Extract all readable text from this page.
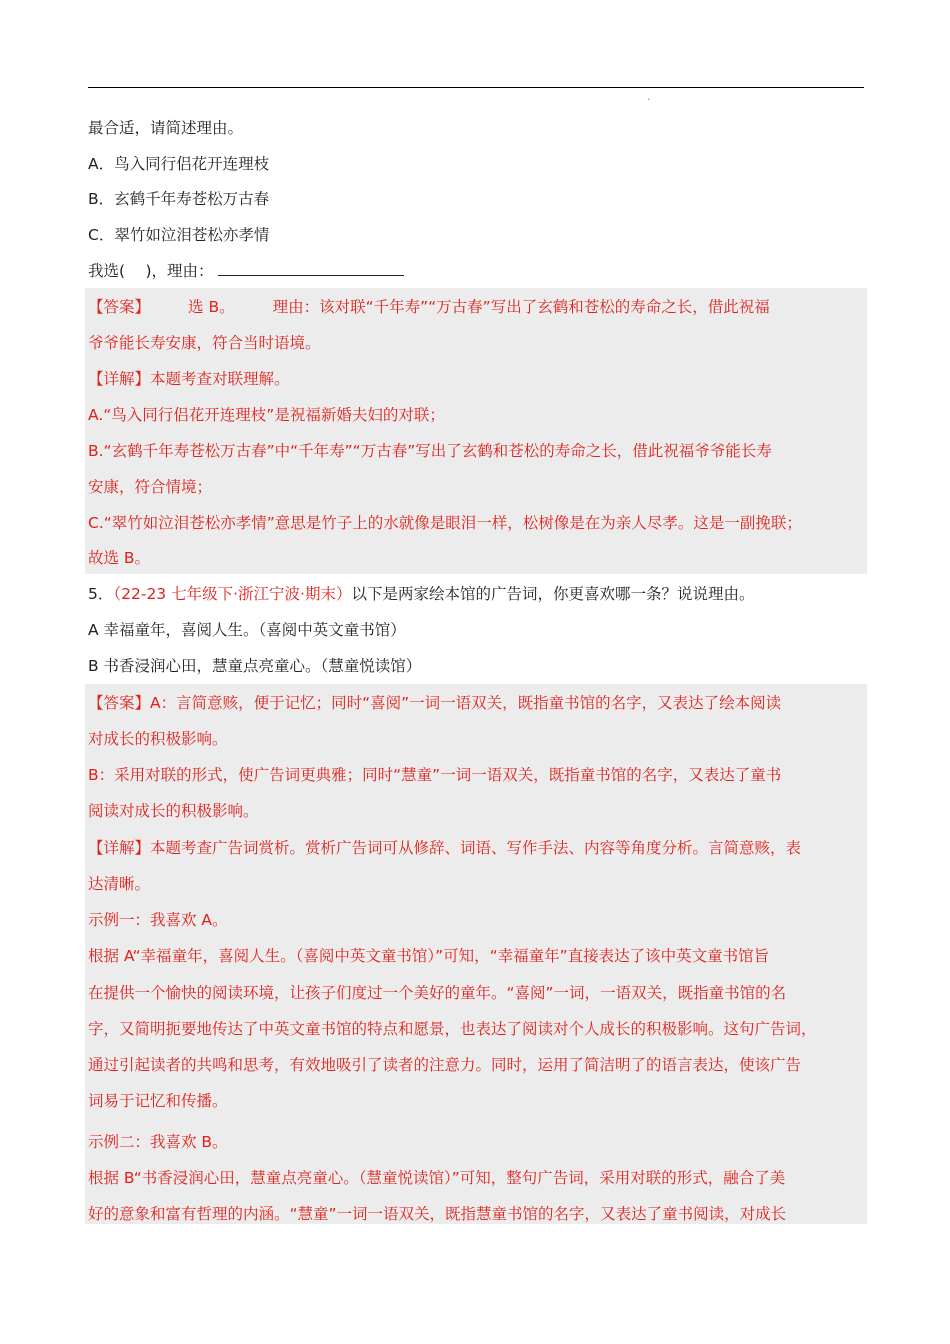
`
最合适，请简述理由。
A．鸟入同行侣花开连理枝
B．玄鹤千年寿苍松万古春
C．翠竹如泣泪苍松亦孝情
我选(　 )，理由：
【答案】 选 B。 理由：该对联“千年寿”“万古春”写出了玄鹤和苍松的寿命之长，借此祝福
爷爷能长寿安康，符合当时语境。
【详解】本题考查对联理解。
A.“鸟入同行侣花开连理枝”是祝福新婚夫妇的对联；
B.“玄鹤千年寿苍松万古春”中“千年寿”“万古春”写出了玄鹤和苍松的寿命之长，借此祝福爷爷能长寿
安康，符合情境；
C.“翠竹如泣泪苍松亦孝情”意思是竹子上的水就像是眼泪一样，松树像是在为亲人尽孝。这是一副挽联；
故选 B。
5．（22-23 七年级下·浙江宁波·期末）以下是两家绘本馆的广告词，你更喜欢哪一条？说说理由。
A 幸福童年，喜阅人生。（喜阅中英文童书馆）
B 书香浸润心田，慧童点亮童心。（慧童悦读馆）
【答案】A：言简意赅，便于记忆；同时“喜阅”一词一语双关，既指童书馆的名字，又表达了绘本阅读
对成长的积极影响。
B：采用对联的形式，使广告词更典雅；同时“慧童”一词一语双关，既指童书馆的名字，又表达了童书
阅读对成长的积极影响。
【详解】本题考查广告词赏析。赏析广告词可从修辞、词语、写作手法、内容等角度分析。言简意赅，表
达清晰。
示例一：我喜欢 A。
根据 A“幸福童年，喜阅人生。（喜阅中英文童书馆）”可知，“幸福童年”直接表达了该中英文童书馆旨
在提供一个愉快的阅读环境，让孩子们度过一个美好的童年。“喜阅”一词，一语双关，既指童书馆的名
字，又简明扼要地传达了中英文童书馆的特点和愿景，也表达了阅读对个人成长的积极影响。这句广告词，
通过引起读者的共鸣和思考，有效地吸引了读者的注意力。同时，运用了简洁明了的语言表达，使该广告
词易于记忆和传播。
示例二：我喜欢 B。
根据 B“书香浸润心田，慧童点亮童心。（慧童悦读馆）”可知，整句广告词，采用对联的形式，融合了美
好的意象和富有哲理的内涵。“慧童”一词一语双关，既指慧童书馆的名字，又表达了童书阅读，对成长
